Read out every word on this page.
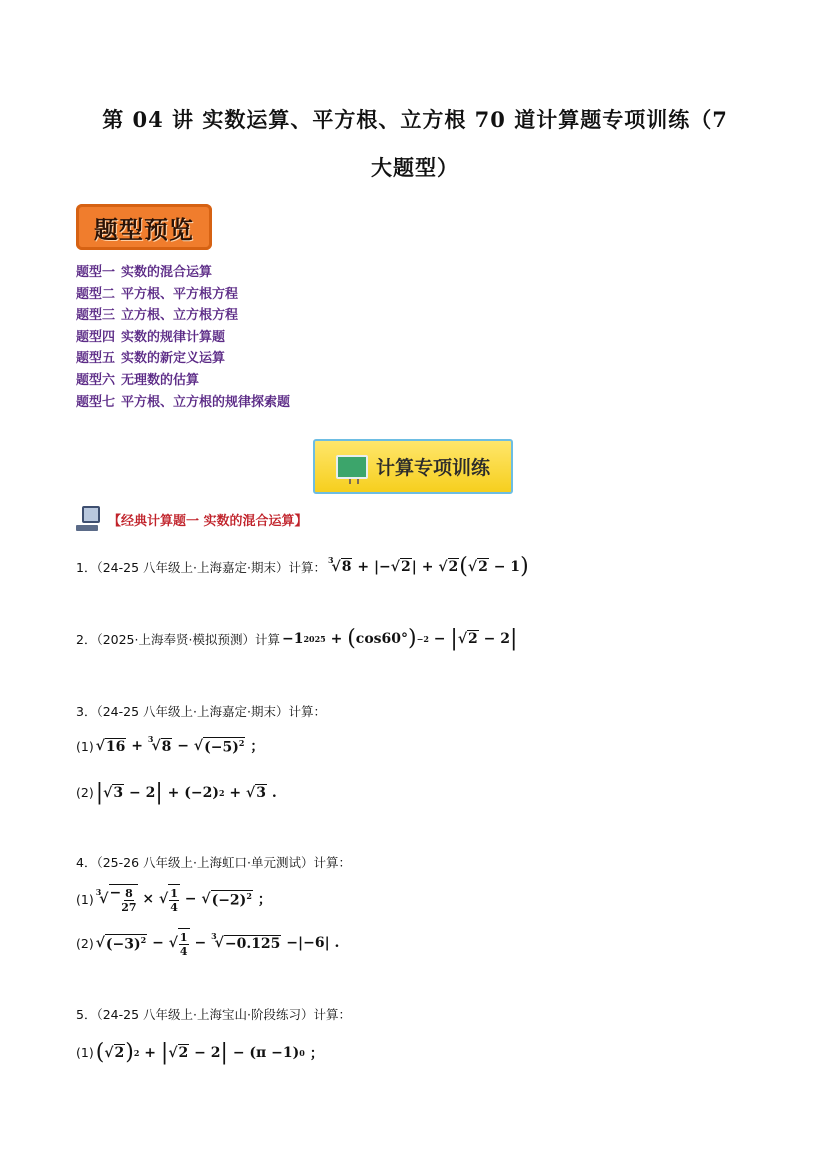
第 04 讲 实数运算、平方根、立方根 70 道计算题专项训练（7
大题型）
题型预览
题型一 实数的混合运算
题型二 平方根、平方根方程
题型三 立方根、立方根方程
题型四 实数的规律计算题
题型五 实数的新定义运算
题型六 无理数的估算
题型七 平方根、立方根的规律探索题
计算专项训练
【经典计算题一 实数的混合运算】
1．（24-25 八年级上·上海嘉定·期末）计算： 3
√ 8 + |−√ 2 | + √ 2 ( √ 2 − 1 )
2．（2025·上海奉贤·模拟预测）计算 −1 2025 + ( cos60° ) −2 − | √ 2 − 2 |
3．（24-25 八年级上·上海嘉定·期末）计算：
(1) √ 16 + 3
√ 8 − √ $(-5)^2$ ；
(2) | √ 3 − 2 | + (−2) 2 + √ 3 .
4．（25-26 八年级上·上海虹口·单元测试）计算：
(1) 3
√ − $\frac{8}{27}$ × √ $\frac{1}{4}$ − √ $(-2)^2$ ；
(2) √ $(-3)^2$ − √ $\frac{1}{4} - 3$
√ −0.125 −|−6| .
5．（24-25 八年级上·上海宝山·阶段练习）计算：
(1) ( √ 2 ) 2 + | √ 2 − 2 | − (π −1) 0 ；
